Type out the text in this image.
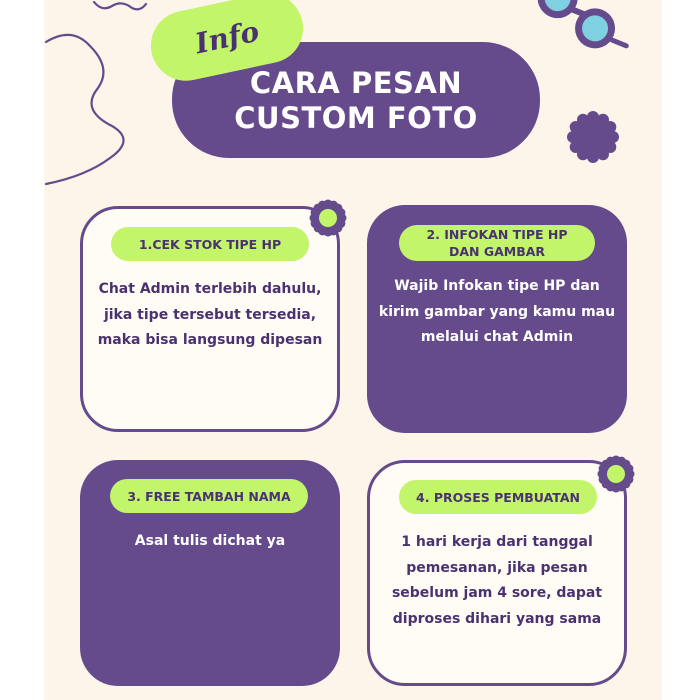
Info
CARA PESAN
CUSTOM FOTO
1.CEK STOK TIPE HP
Chat Admin terlebih dahulu,
jika tipe tersebut tersedia,
maka bisa langsung dipesan
2. INFOKAN TIPE HP
DAN GAMBAR
Wajib Infokan tipe HP dan
kirim gambar yang kamu mau
melalui chat Admin
3. FREE TAMBAH NAMA
Asal tulis dichat ya
4. PROSES PEMBUATAN
1 hari kerja dari tanggal
pemesanan, jika pesan
sebelum jam 4 sore, dapat
diproses dihari yang sama
